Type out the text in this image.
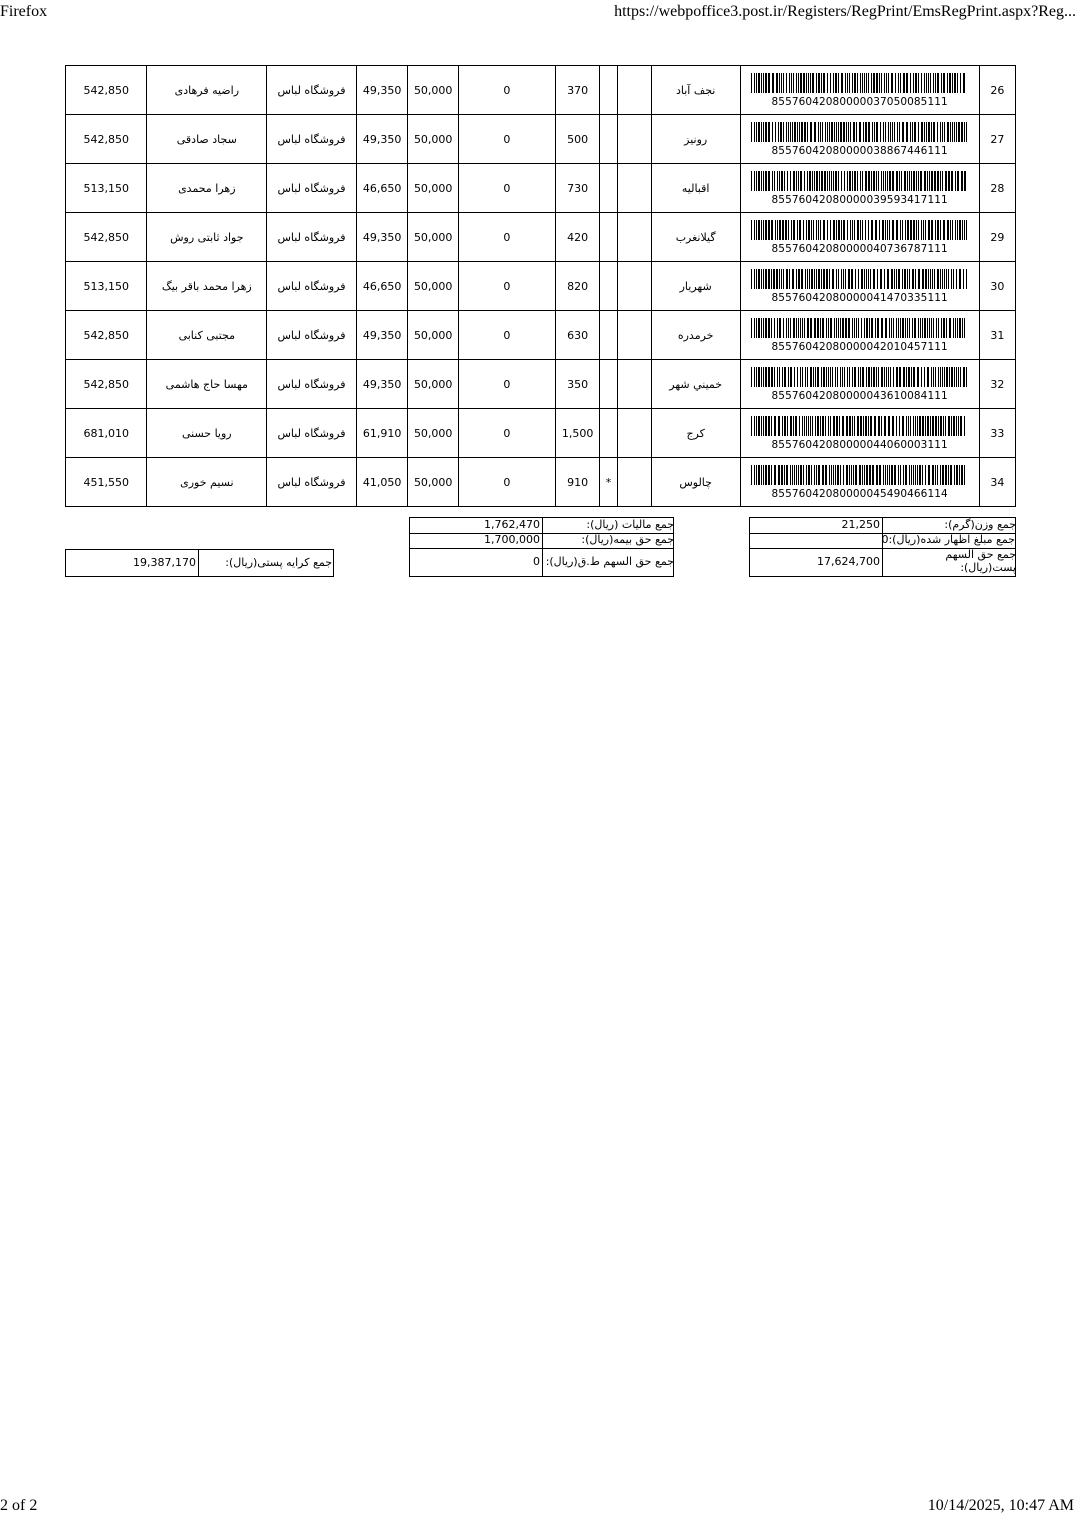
Firefox	https://webpoffice3.post.ir/Registers/RegPrint/EmsRegPrint.aspx?Reg...
542,850	راضیه فرهادی	فروشگاه لباس	49,350	50,000	0	370			نجف آباد	85576042080000037050085111	26
542,850	سجاد صادقی	فروشگاه لباس	49,350	50,000	0	500			رونیز	85576042080000038867446111	27
513,150	زهرا محمدی	فروشگاه لباس	46,650	50,000	0	730			اقبالیه	85576042080000039593417111	28
542,850	جواد ثابتی روش	فروشگاه لباس	49,350	50,000	0	420			گیلانغرب	85576042080000040736787111	29
513,150	زهرا محمد باقر بیگ	فروشگاه لباس	46,650	50,000	0	820			شهریار	85576042080000041470335111	30
542,850	مجتبی کنابی	فروشگاه لباس	49,350	50,000	0	630			خرمدره	85576042080000042010457111	31
542,850	مهسا حاج هاشمی	فروشگاه لباس	49,350	50,000	0	350			خميني شهر	85576042080000043610084111	32
681,010	رویا حسنی	فروشگاه لباس	61,910	50,000	0	1,500			کرج	85576042080000044060003111	33
451,550	نسیم خوری	فروشگاه لباس	41,050	50,000	0	910	*		چالوس	85576042080000045490466114	34
1,762,470	جمع مالیات (ریال):
1,700,000	جمع حق بیمه(ریال):
0 جمع حق السهم ط.ق(ریال):
21,250	جمع وزن(گرم):
جمع مبلغ اظهار شده(ریال):0
17,624,700
جمع حق السهم
پست(ریال):
19,387,170	جمع کرایه پستی(ریال):
2 of 2	10/14/2025, 10:47 AM
